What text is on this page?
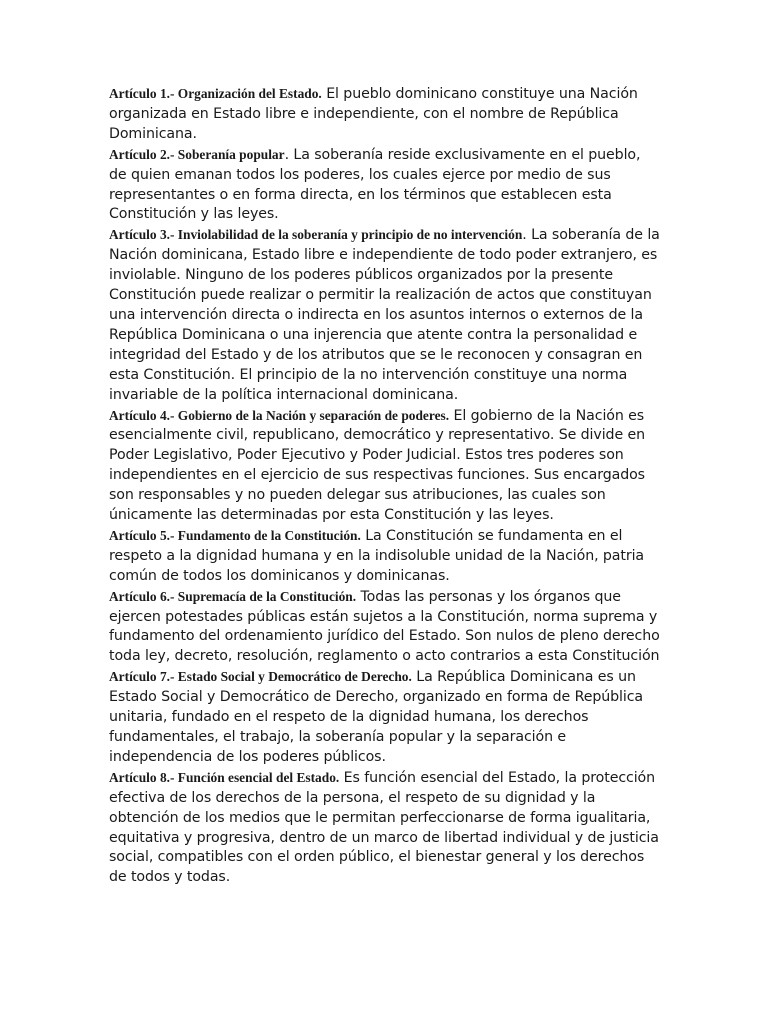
Artículo 1.- Organización del Estado. El pueblo dominicano constituye una Nación organizada en Estado libre e independiente, con el nombre de República Dominicana.

Artículo 2.- Soberanía popular. La soberanía reside exclusivamente en el pueblo, de quien emanan todos los poderes, los cuales ejerce por medio de sus representantes o en forma directa, en los términos que establecen esta Constitución y las leyes.

Artículo 3.- Inviolabilidad de la soberanía y principio de no intervención. La soberanía de la Nación dominicana, Estado libre e independiente de todo poder extranjero, es inviolable. Ninguno de los poderes públicos organizados por la presente Constitución puede realizar o permitir la realización de actos que constituyan una intervención directa o indirecta en los asuntos internos o externos de la República Dominicana o una injerencia que atente contra la personalidad e integridad del Estado y de los atributos que se le reconocen y consagran en esta Constitución. El principio de la no intervención constituye una norma invariable de la política internacional dominicana.

Artículo 4.- Gobierno de la Nación y separación de poderes. El gobierno de la Nación es esencialmente civil, republicano, democrático y representativo. Se divide en Poder Legislativo, Poder Ejecutivo y Poder Judicial. Estos tres poderes son independientes en el ejercicio de sus respectivas funciones. Sus encargados son responsables y no pueden delegar sus atribuciones, las cuales son únicamente las determinadas por esta Constitución y las leyes.

Artículo 5.- Fundamento de la Constitución. La Constitución se fundamenta en el respeto a la dignidad humana y en la indisoluble unidad de la Nación, patria común de todos los dominicanos y dominicanas.

Artículo 6.- Supremacía de la Constitución. Todas las personas y los órganos que ejercen potestades públicas están sujetos a la Constitución, norma suprema y fundamento del ordenamiento jurídico del Estado. Son nulos de pleno derecho toda ley, decreto, resolución, reglamento o acto contrarios a esta Constitución

Artículo 7.- Estado Social y Democrático de Derecho. La República Dominicana es un Estado Social y Democrático de Derecho, organizado en forma de República unitaria, fundado en el respeto de la dignidad humana, los derechos fundamentales, el trabajo, la soberanía popular y la separación e independencia de los poderes públicos.

Artículo 8.- Función esencial del Estado. Es función esencial del Estado, la protección efectiva de los derechos de la persona, el respeto de su dignidad y la obtención de los medios que le permitan perfeccionarse de forma igualitaria, equitativa y progresiva, dentro de un marco de libertad individual y de justicia social, compatibles con el orden público, el bienestar general y los derechos de todos y todas.
